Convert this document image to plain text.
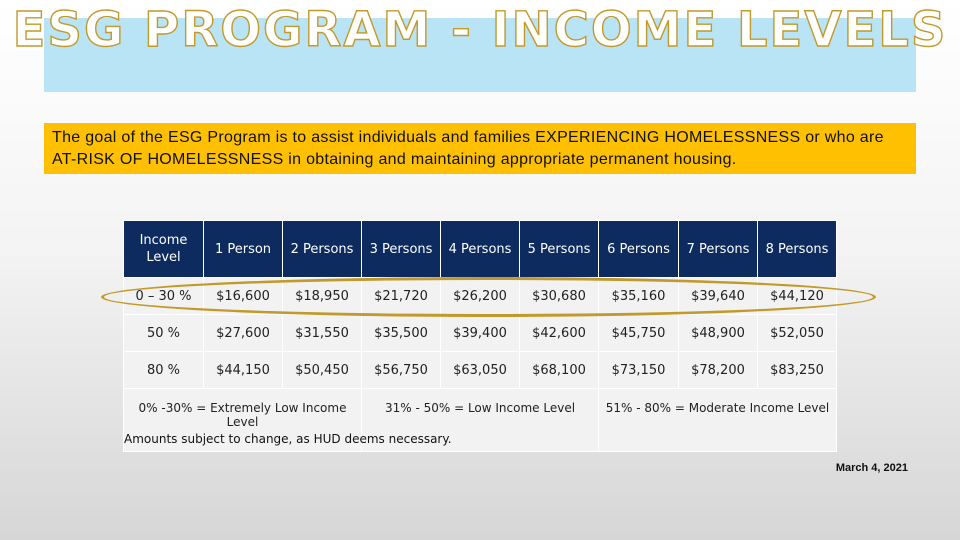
ESG PROGRAM - INCOME LEVELS
The goal of the ESG Program is to assist individuals and families EXPERIENCING HOMELESSNESS or who are AT-RISK OF HOMELESSNESS in obtaining and maintaining appropriate permanent housing.
Income Level	1 Person	2 Persons	3 Persons	4 Persons	5 Persons	6 Persons	7 Persons	8 Persons
0 – 30 %	$16,600	$18,950	$21,720	$26,200	$30,680	$35,160	$39,640	$44,120
50 %	$27,600	$31,550	$35,500	$39,400	$42,600	$45,750	$48,900	$52,050
80 %	$44,150	$50,450	$56,750	$63,050	$68,100	$73,150	$78,200	$83,250
0% -30% = Extremely Low Income Level			31% - 50% = Low Income Level			51% - 80% = Moderate Income Level		
Amounts subject to change, as HUD deems necessary.
March 4, 2021
